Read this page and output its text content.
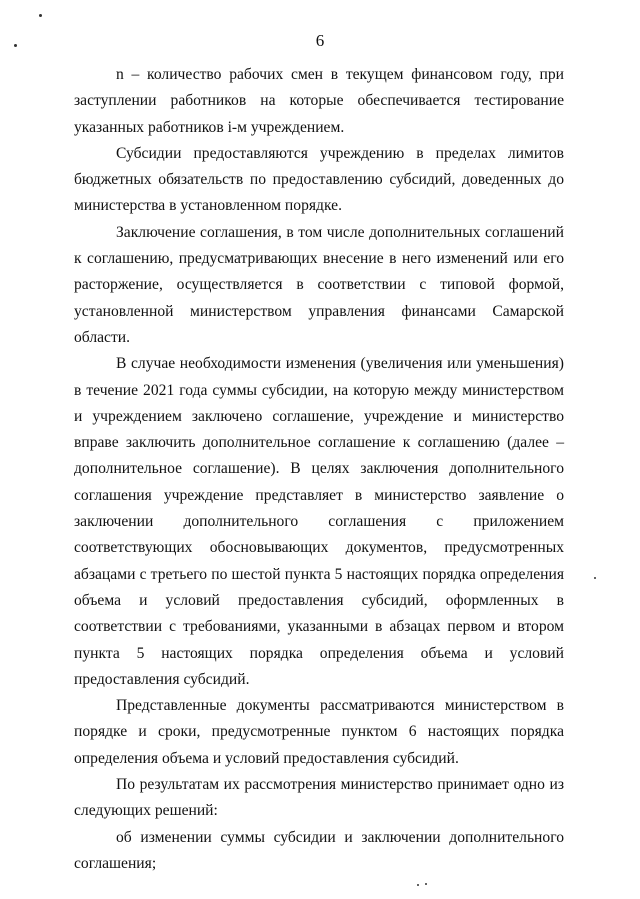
6

n – количество рабочих смен в текущем финансовом году, при заступлении работников на которые обеспечивается тестирование указанных работников i-м учреждением.

Субсидии предоставляются учреждению в пределах лимитов бюджетных обязательств по предоставлению субсидий, доведенных до министерства в установленном порядке.

Заключение соглашения, в том числе дополнительных соглашений к соглашению, предусматривающих внесение в него изменений или его расторжение, осуществляется в соответствии с типовой формой, установленной министерством управления финансами Самарской области.

В случае необходимости изменения (увеличения или уменьшения) в течение 2021 года суммы субсидии, на которую между министерством и учреждением заключено соглашение, учреждение и министерство вправе заключить дополнительное соглашение к соглашению (далее – дополнительное соглашение). В целях заключения дополнительного соглашения учреждение представляет в министерство заявление о заключении дополнительного соглашения с приложением соответствующих обосновывающих документов, предусмотренных абзацами с третьего по шестой пункта 5 настоящих порядка определения объема и условий предоставления субсидий, оформленных в соответствии с требованиями, указанными в абзацах первом и втором пункта 5 настоящих порядка определения объема и условий предоставления субсидий.

Представленные документы рассматриваются министерством в порядке и сроки, предусмотренные пунктом 6 настоящих порядка определения объема и условий предоставления субсидий.

По результатам их рассмотрения министерство принимает одно из следующих решений:

об изменении суммы субсидии и заключении дополнительного соглашения;
